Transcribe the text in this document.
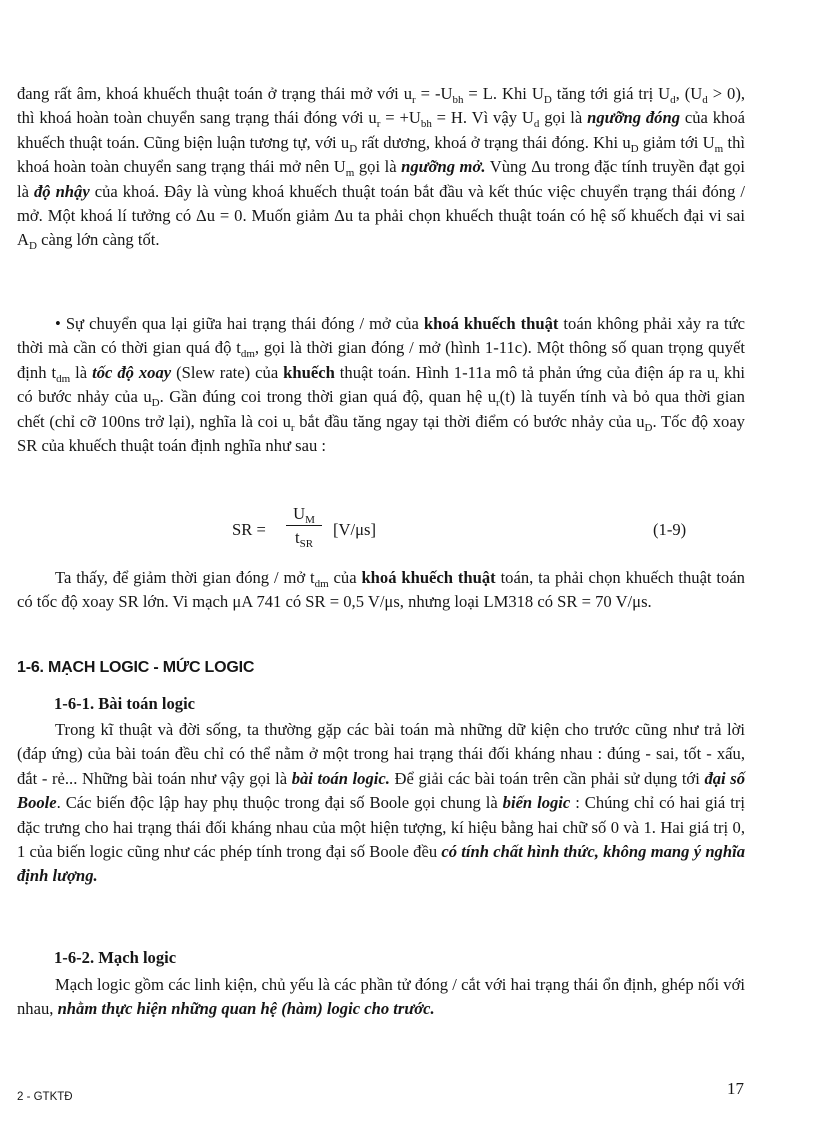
đang rất âm, khoá khuếch thuật toán ở trạng thái mở với $u_r = -U_{bh} = L$. Khi $U_D$ tăng tới giá trị $U_d$, $(U_d > 0)$, thì khoá hoàn toàn chuyển sang trạng thái đóng với $u_r = +U_{bh} = H$. Vì vậy $U_d$ gọi là ngưỡng đóng của khoá khuếch thuật toán. Cũng biện luận tương tự, với $u_D$ rất dương, khoá ở trạng thái đóng. Khi $u_D$ giảm tới $U_m$ thì khoá hoàn toàn chuyển sang trạng thái mở nên $U_m$ gọi là ngưỡng mở. Vùng Δu trong đặc tính truyền đạt gọi là độ nhậy của khoá. Đây là vùng khoá khuếch thuật toán bắt đầu và kết thúc việc chuyển trạng thái đóng / mở. Một khoá lí tưởng có Δu = 0. Muốn giảm Δu ta phải chọn khuếch thuật toán có hệ số khuếch đại vi sai $A_D$ càng lớn càng tốt.

• Sự chuyển qua lại giữa hai trạng thái đóng / mở của khoá khuếch thuật toán không phải xảy ra tức thời mà cần có thời gian quá độ $t_{dm}$, gọi là thời gian đóng / mở (hình 1-11c). Một thông số quan trọng quyết định $t_{dm}$ là tốc độ xoay (Slew rate) của khuếch thuật toán. Hình 1-11a mô tả phản ứng của điện áp ra $u_r$ khi có bước nhảy của $u_D$. Gần đúng coi trong thời gian quá độ, quan hệ $u_r(t)$ là tuyến tính và bỏ qua thời gian chết (chỉ cỡ 100ns trở lại), nghĩa là coi $u_r$ bắt đầu tăng ngay tại thời điểm có bước nhảy của $u_D$. Tốc độ xoay SR của khuếch thuật toán định nghĩa như sau :

SR =
$U_M$
$t_{SR}$
[V/μs]	(1-9)

Ta thấy, để giảm thời gian đóng / mở $t_{dm}$ của khoá khuếch thuật toán, ta phải chọn khuếch thuật toán có tốc độ xoay SR lớn. Vi mạch μA 741 có SR = 0,5 V/μs, nhưng loại LM318 có SR = 70 V/μs.

1-6. MẠCH LOGIC - MỨC LOGIC
1-6-1. Bài toán logic

Trong kĩ thuật và đời sống, ta thường gặp các bài toán mà những dữ kiện cho trước cũng như trả lời (đáp ứng) của bài toán đều chỉ có thể nằm ở một trong hai trạng thái đối kháng nhau : đúng - sai, tốt - xấu, đắt - rẻ... Những bài toán như vậy gọi là bài toán logic. Để giải các bài toán trên cần phải sử dụng tới đại số Boole. Các biến độc lập hay phụ thuộc trong đại số Boole gọi chung là biến logic : Chúng chỉ có hai giá trị đặc trưng cho hai trạng thái đối kháng nhau của một hiện tượng, kí hiệu bằng hai chữ số 0 và 1. Hai giá trị 0, 1 của biến logic cũng như các phép tính trong đại số Boole đều có tính chất hình thức, không mang ý nghĩa định lượng.

1-6-2. Mạch logic

Mạch logic gồm các linh kiện, chủ yếu là các phần tử đóng / cắt với hai trạng thái ổn định, ghép nối với nhau, nhằm thực hiện những quan hệ (hàm) logic cho trước.

2 - GTKTĐ	17
